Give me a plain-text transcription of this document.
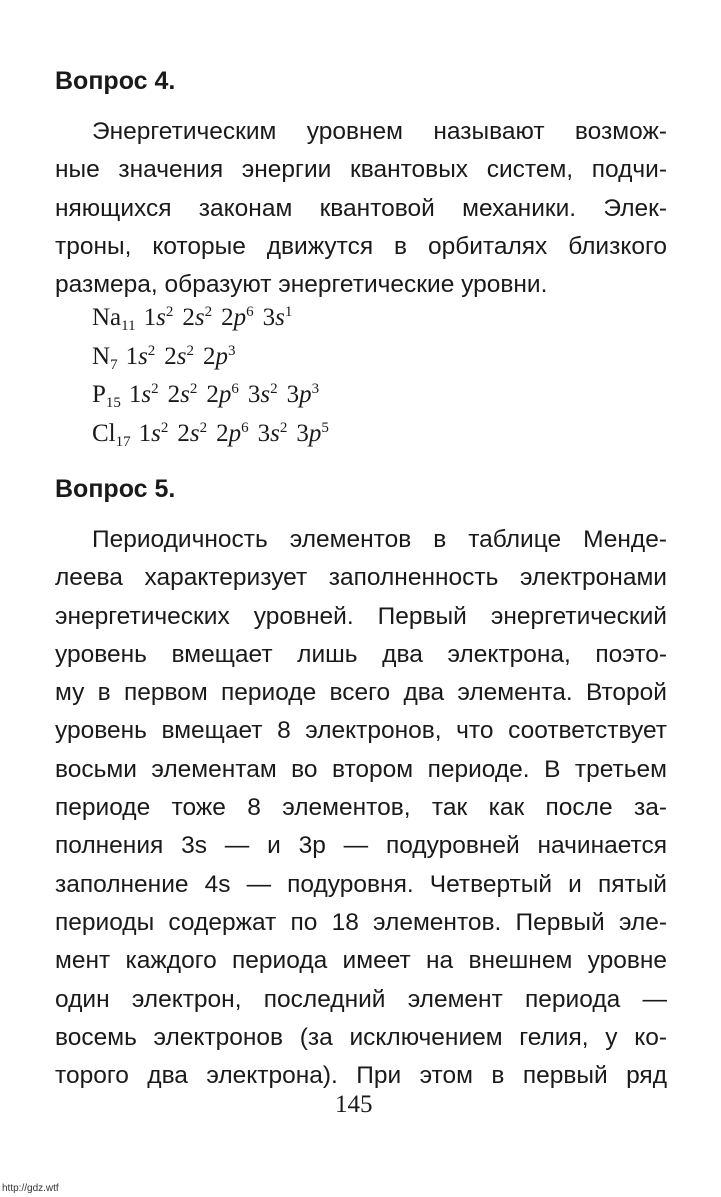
Вопрос 4.
Энергетическим уровнем называют возмож-
ные значения энергии квантовых систем, подчи-
няющихся законам квантовой механики. Элек-
троны, которые движутся в орбиталях близкого
размера, образуют энергетические уровни.
$Na_{11}$ $1s^2$ $2s^2$ $2p^6$ $3s^1$
$N_7$ $1s^2$ $2s^2$ $2p^3$
$P_{15}$ $1s^2$ $2s^2$ $2p^6$ $3s^2$ $3p^3$
$Cl_{17}$ $1s^2$ $2s^2$ $2p^6$ $3s^2$ $3p^5$
Вопрос 5.
Периодичность элементов в таблице Менде-
леева характеризует заполненность электронами
энергетических уровней. Первый энергетический
уровень вмещает лишь два электрона, поэто-
му в первом периоде всего два элемента. Второй
уровень вмещает 8 электронов, что соответствует
восьми элементам во втором периоде. В третьем
периоде тоже 8 элементов, так как после за-
полнения 3s — и 3p — подуровней начинается
заполнение 4s — подуровня. Четвертый и пятый
периоды содержат по 18 элементов. Первый эле-
мент каждого периода имеет на внешнем уровне
один электрон, последний элемент периода —
восемь электронов (за исключением гелия, у ко-
торого два электрона). При этом в первый ряд

145

http://gdz.wtf
